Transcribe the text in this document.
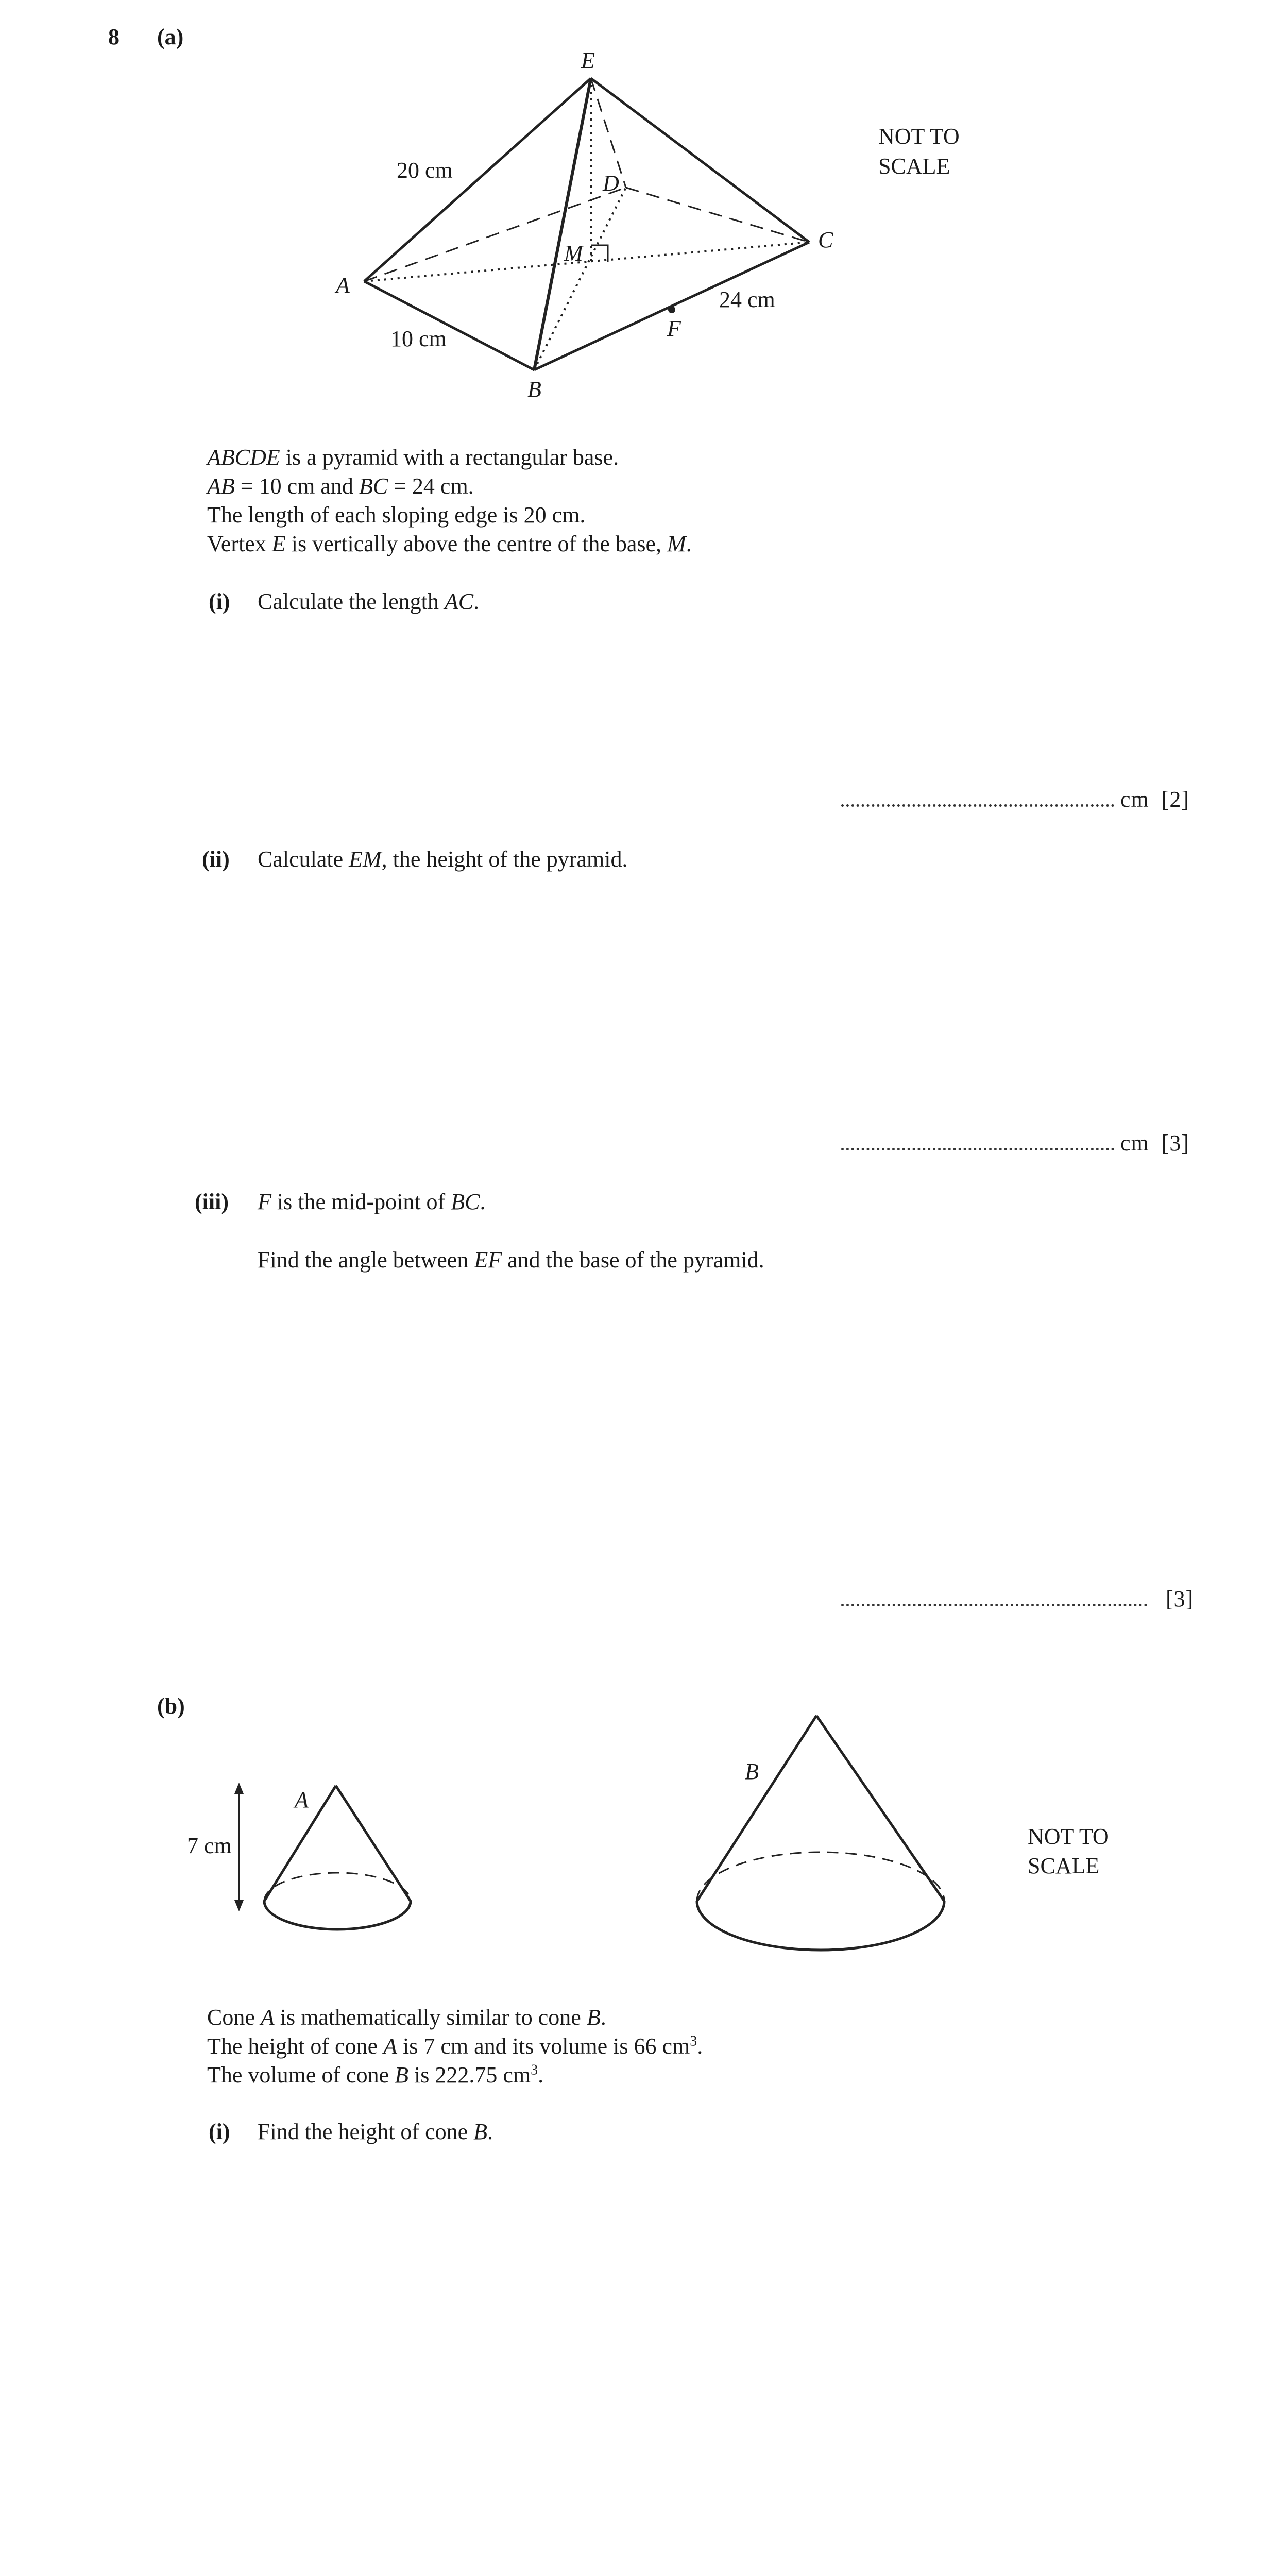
8 (a)
E
D
M
C
A
B
F
20 cm
10 cm
24 cm
NOT TO
SCALE
ABCDE is a pyramid with a rectangular base.
AB = 10 cm and BC = 24 cm.
The length of each sloping edge is 20 cm.
Vertex E is vertically above the centre of the base, M.
(i) Calculate the length AC.
cm [2]
(ii) Calculate EM, the height of the pyramid.
cm [3]
(iii) F is the mid-point of BC.
Find the angle between EF and the base of the pyramid.
[3]
(b)
A
B
7 cm	NOT TO
SCALE
Cone A is mathematically similar to cone B.
The height of cone A is 7 cm and its volume is 66 $cm^3$.
The volume of cone B is 222.75 $cm^3$.
(i) Find the height of cone B.
